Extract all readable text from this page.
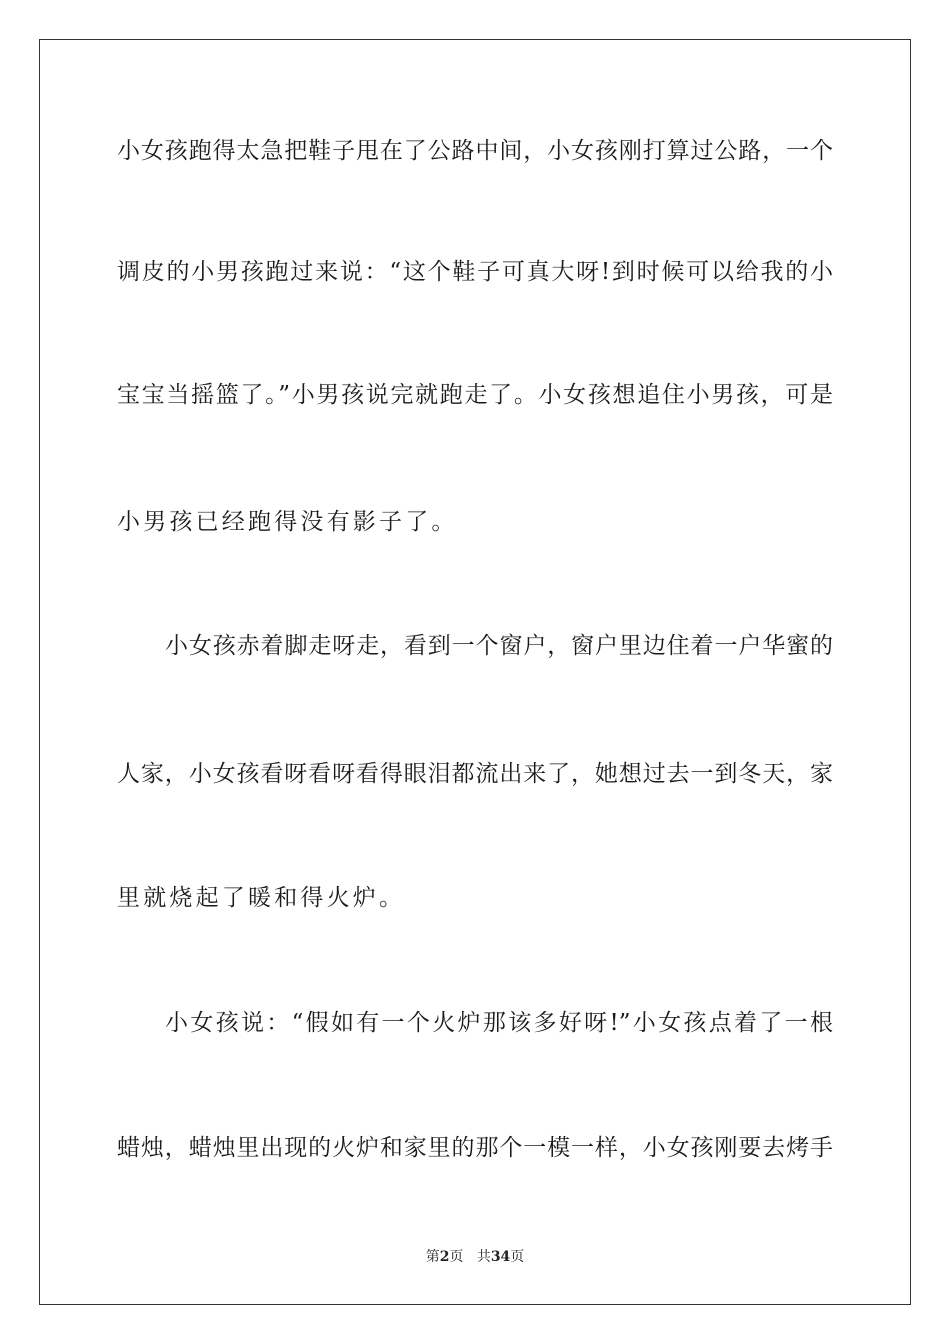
小女孩跑得太急把鞋子甩在了公路中间，小女孩刚打算过公路，一个
调皮的小男孩跑过来说：“这个鞋子可真大呀!到时候可以给我的小
宝宝当摇篮了。”小男孩说完就跑走了。小女孩想追住小男孩，可是
小男孩已经跑得没有影子了。
小女孩赤着脚走呀走，看到一个窗户，窗户里边住着一户华蜜的
人家，小女孩看呀看呀看得眼泪都流出来了，她想过去一到冬天，家
里就烧起了暖和得火炉。
小女孩说：“假如有一个火炉那该多好呀!”小女孩点着了一根
蜡烛，蜡烛里出现的火炉和家里的那个一模一样，小女孩刚要去烤手
第2页 共34页
